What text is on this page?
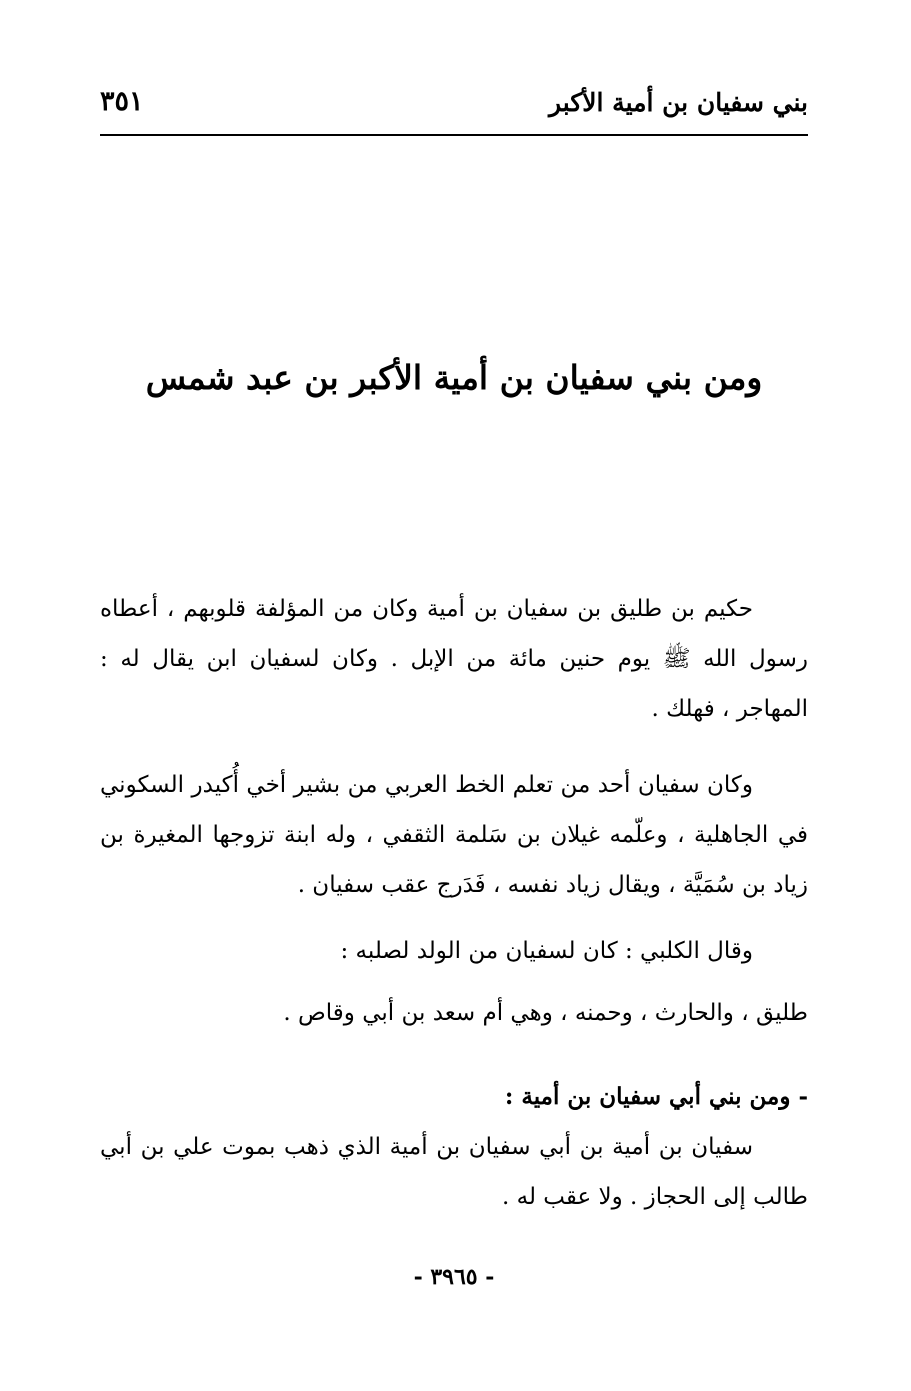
بني سفيان بن أمية الأكبر
٣٥١
ومن بني سفيان بن أمية الأكبر بن عبد شمس
حكيم بن طليق بن سفيان بن أمية وكان من المؤلفة قلوبهم ، أعطاه
رسول الله ﷺ يوم حنين مائة من الإبل . وكان لسفيان ابن يقال له :
المهاجر ، فهلك .
وكان سفيان أحد من تعلم الخط العربي من بشير أخي أُكيدر السكوني
في الجاهلية ، وعلّمه غيلان بن سَلمة الثقفي ، وله ابنة تزوجها المغيرة بن
زياد بن سُمَيَّة ، ويقال زياد نفسه ، فَدَرج عقب سفيان .
وقال الكلبي : كان لسفيان من الولد لصلبه :
طليق ، والحارث ، وحمنه ، وهي أم سعد بن أبي وقاص .
- ومن بني أبي سفيان بن أمية :
سفيان بن أمية بن أبي سفيان بن أمية الذي ذهب بموت علي بن أبي
طالب إلى الحجاز . ولا عقب له .
- ٣٩٦٥ -
